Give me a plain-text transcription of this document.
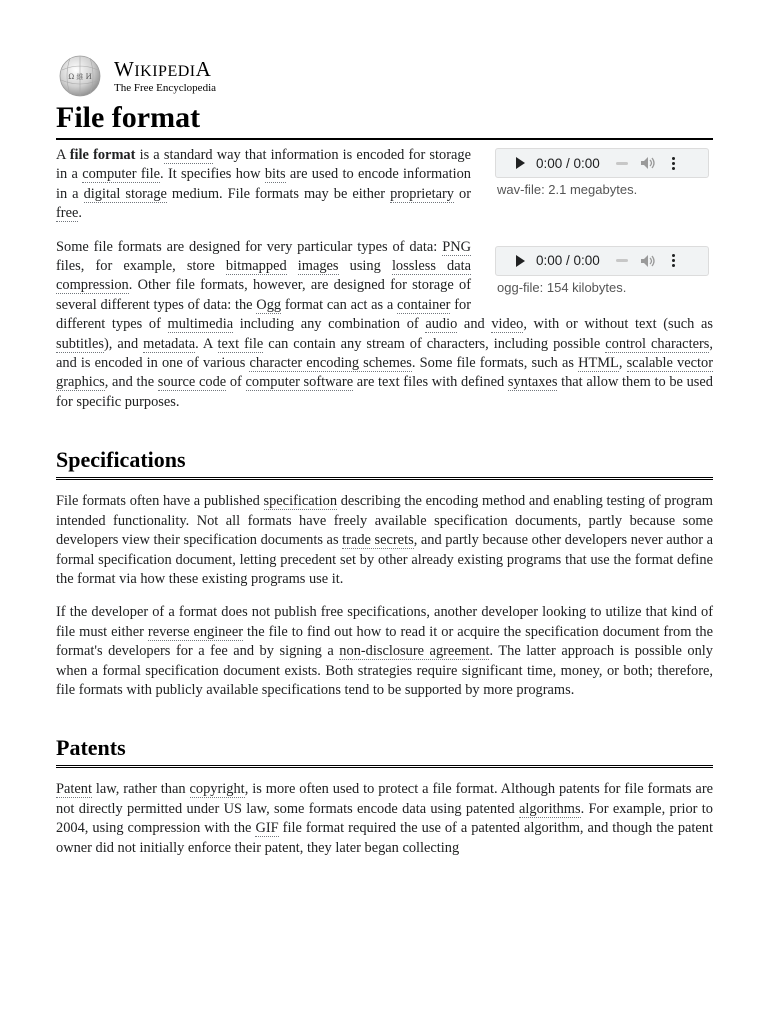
Ω 維 И WIKIPEDIA
The Free Encyclopedia
File format
0:00 / 0:00
wav-file: 2.1 megabytes.

A file format is a standard way that information is encoded for storage in a computer file. It specifies how bits are used to encode information in a digital storage medium. File formats may be either proprietary or free.

0:00 / 0:00
ogg-file: 154 kilobytes.

Some file formats are designed for very particular types of data: PNG files, for example, store bitmapped images using lossless data compression. Other file formats, however, are designed for storage of several different types of data: the Ogg format can act as a container for different types of multimedia including any combination of audio and video, with or without text (such as subtitles), and metadata. A text file can contain any stream of characters, including possible control characters, and is encoded in one of various character encoding schemes. Some file formats, such as HTML, scalable vector graphics, and the source code of computer software are text files with defined syntaxes that allow them to be used for specific purposes.

Specifications

File formats often have a published specification describing the encoding method and enabling testing of program intended functionality. Not all formats have freely available specification documents, partly because some developers view their specification documents as trade secrets, and partly because other developers never author a formal specification document, letting precedent set by other already existing programs that use the format define the format via how these existing programs use it.

If the developer of a format does not publish free specifications, another developer looking to utilize that kind of file must either reverse engineer the file to find out how to read it or acquire the specification document from the format's developers for a fee and by signing a non-disclosure agreement. The latter approach is possible only when a formal specification document exists. Both strategies require significant time, money, or both; therefore, file formats with publicly available specifications tend to be supported by more programs.

Patents

Patent law, rather than copyright, is more often used to protect a file format. Although patents for file formats are not directly permitted under US law, some formats encode data using patented algorithms. For example, prior to 2004, using compression with the GIF file format required the use of a patented algorithm, and though the patent owner did not initially enforce their patent, they later began collecting
